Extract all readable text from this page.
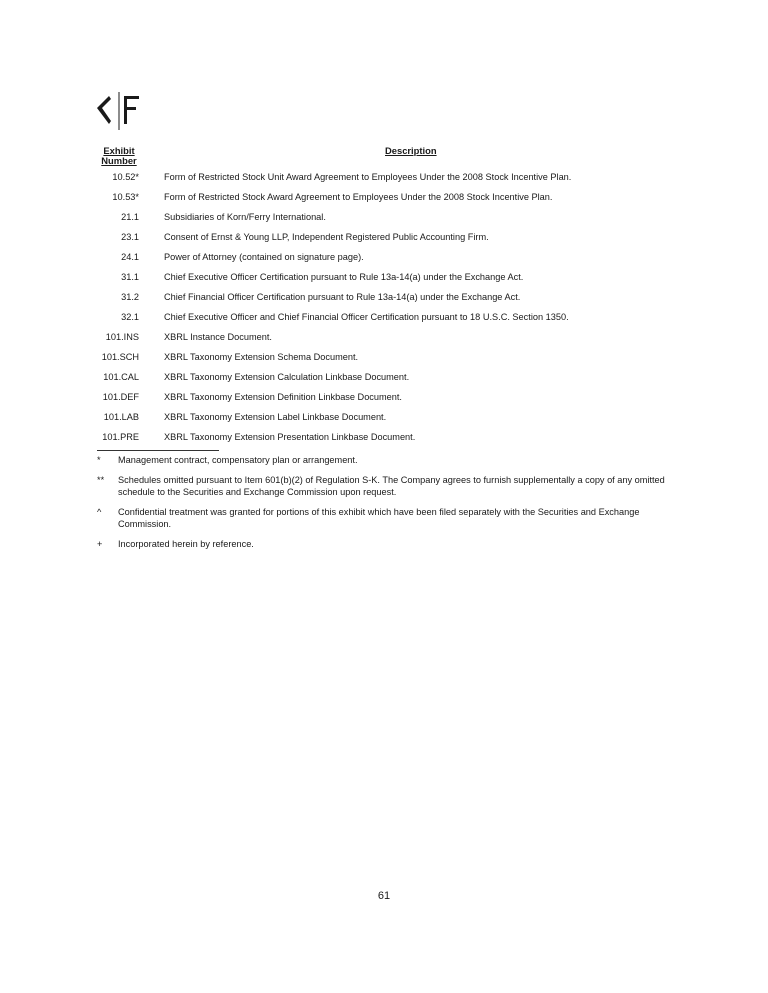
Exhibit
Number
Description
10.52*	Form of Restricted Stock Unit Award Agreement to Employees Under the 2008 Stock Incentive Plan.
10.53*	Form of Restricted Stock Award Agreement to Employees Under the 2008 Stock Incentive Plan.
21.1	Subsidiaries of Korn/Ferry International.
23.1	Consent of Ernst & Young LLP, Independent Registered Public Accounting Firm.
24.1	Power of Attorney (contained on signature page).
31.1	Chief Executive Officer Certification pursuant to Rule 13a-14(a) under the Exchange Act.
31.2	Chief Financial Officer Certification pursuant to Rule 13a-14(a) under the Exchange Act.
32.1	Chief Executive Officer and Chief Financial Officer Certification pursuant to 18 U.S.C. Section 1350.
101.INS	XBRL Instance Document.
101.SCH	XBRL Taxonomy Extension Schema Document.
101.CAL	XBRL Taxonomy Extension Calculation Linkbase Document.
101.DEF	XBRL Taxonomy Extension Definition Linkbase Document.
101.LAB	XBRL Taxonomy Extension Label Linkbase Document.
101.PRE	XBRL Taxonomy Extension Presentation Linkbase Document.
* Management contract, compensatory plan or arrangement.
** Schedules omitted pursuant to Item 601(b)(2) of Regulation S-K. The Company agrees to furnish supplementally a copy of any omitted schedule to the Securities and Exchange Commission upon request.
^ Confidential treatment was granted for portions of this exhibit which have been filed separately with the Securities and Exchange Commission.
+ Incorporated herein by reference.
61
